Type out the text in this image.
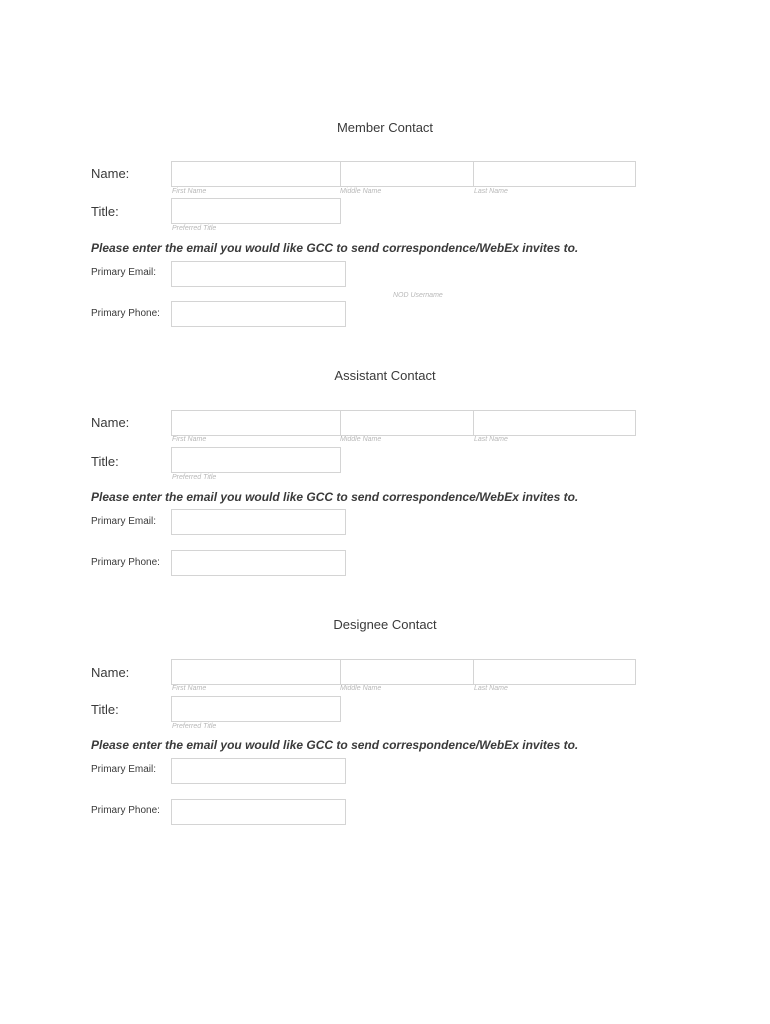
Member Contact
Name:
First Name	Middle Name	Last Name
Title:
Preferred Title
Please enter the email you would like GCC to send correspondence/WebEx invites to.
Primary Email:
NOD Username
Primary Phone:
Assistant Contact
Name:
First Name	Middle Name	Last Name
Title:
Preferred Title
Please enter the email you would like GCC to send correspondence/WebEx invites to.
Primary Email:
Primary Phone:
Designee Contact
Name:
First Name	Middle Name	Last Name
Title:
Preferred Title
Please enter the email you would like GCC to send correspondence/WebEx invites to.
Primary Email:
Primary Phone:
